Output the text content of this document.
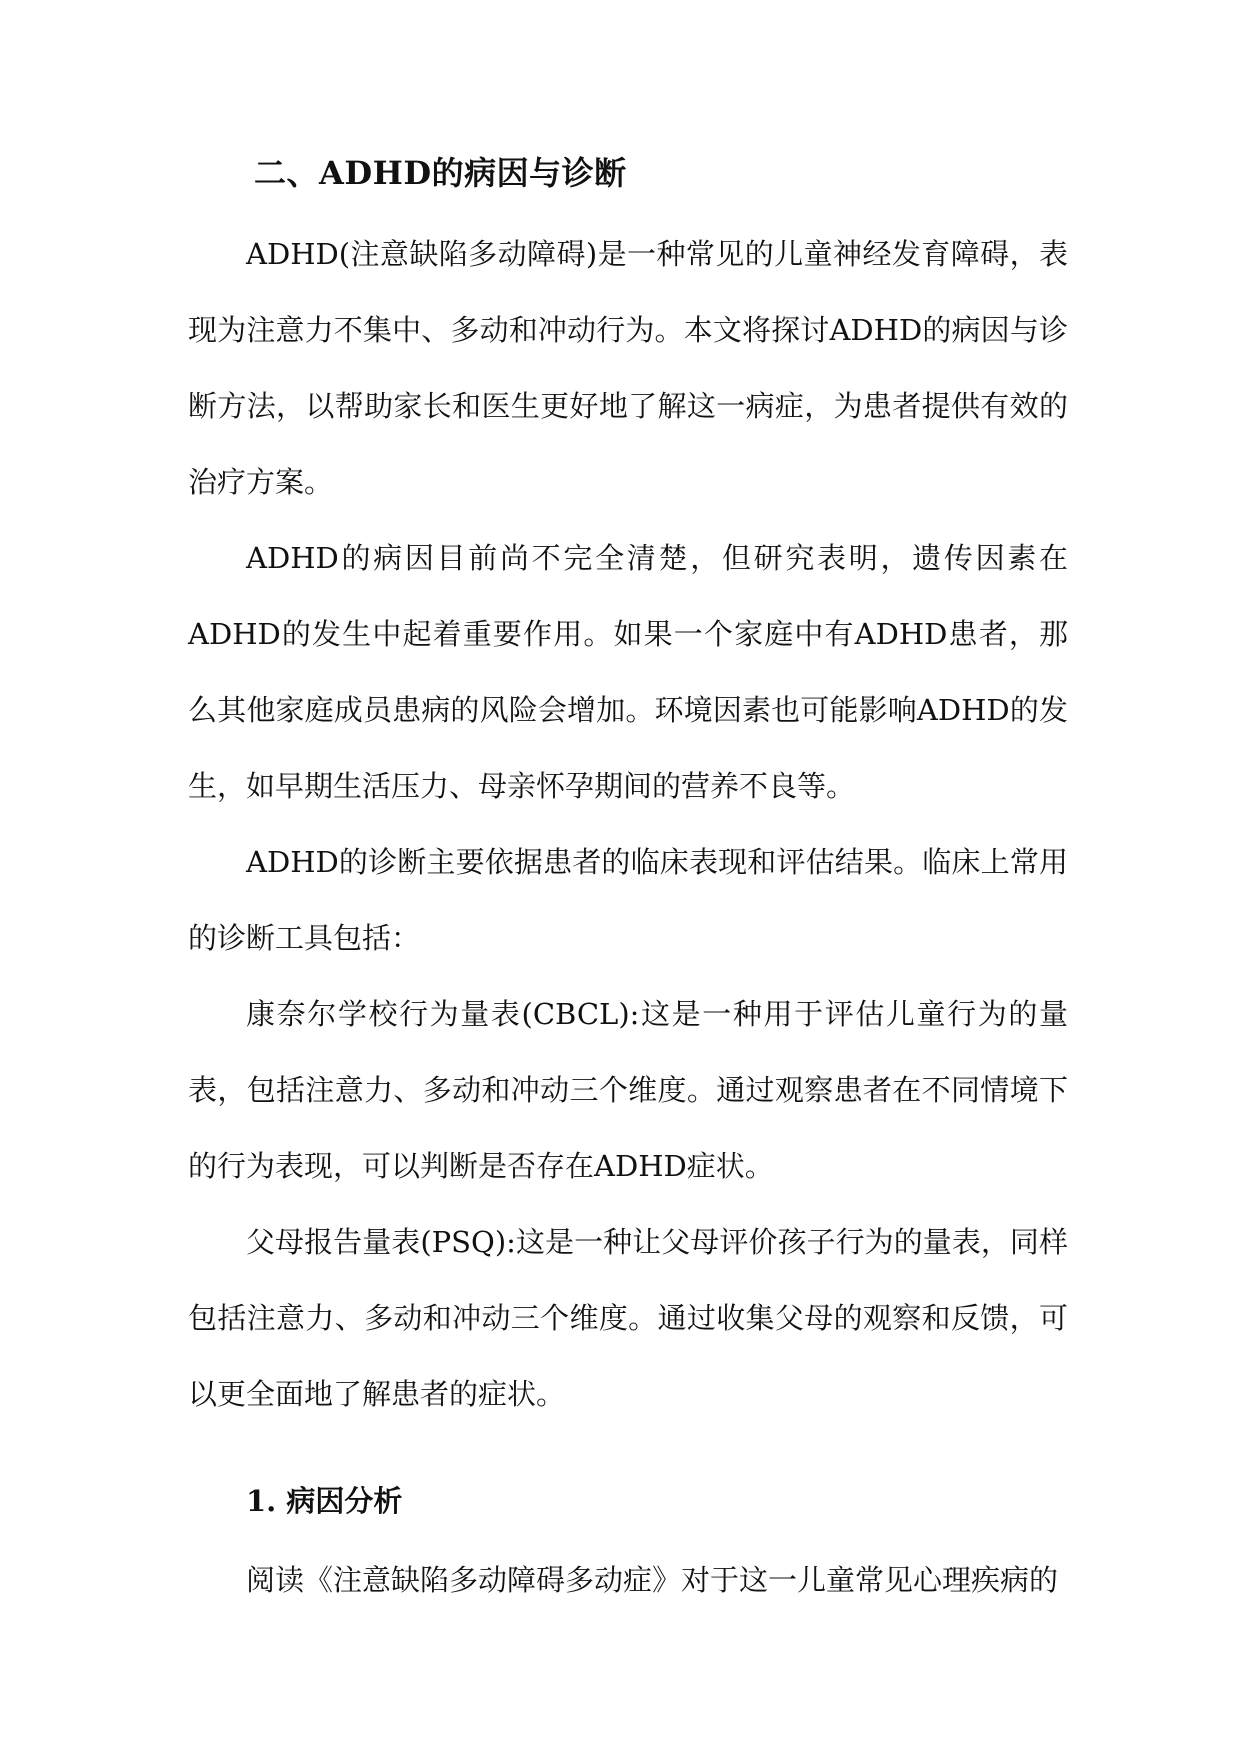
二、ADHD的病因与诊断

ADHD(注意缺陷多动障碍)是一种常见的儿童神经发育障碍，表现为注意力不集中、多动和冲动行为。本文将探讨ADHD的病因与诊断方法，以帮助家长和医生更好地了解这一病症，为患者提供有效的治疗方案。

ADHD的病因目前尚不完全清楚，但研究表明，遗传因素在ADHD的发生中起着重要作用。如果一个家庭中有ADHD患者，那么其他家庭成员患病的风险会增加。环境因素也可能影响ADHD的发生，如早期生活压力、母亲怀孕期间的营养不良等。

ADHD的诊断主要依据患者的临床表现和评估结果。临床上常用的诊断工具包括：

康奈尔学校行为量表(CBCL):这是一种用于评估儿童行为的量表，包括注意力、多动和冲动三个维度。通过观察患者在不同情境下的行为表现，可以判断是否存在ADHD症状。

父母报告量表(PSQ):这是一种让父母评价孩子行为的量表，同样包括注意力、多动和冲动三个维度。通过收集父母的观察和反馈，可以更全面地了解患者的症状。

1. 病因分析

阅读《注意缺陷多动障碍多动症》对于这一儿童常见心理疾病的
